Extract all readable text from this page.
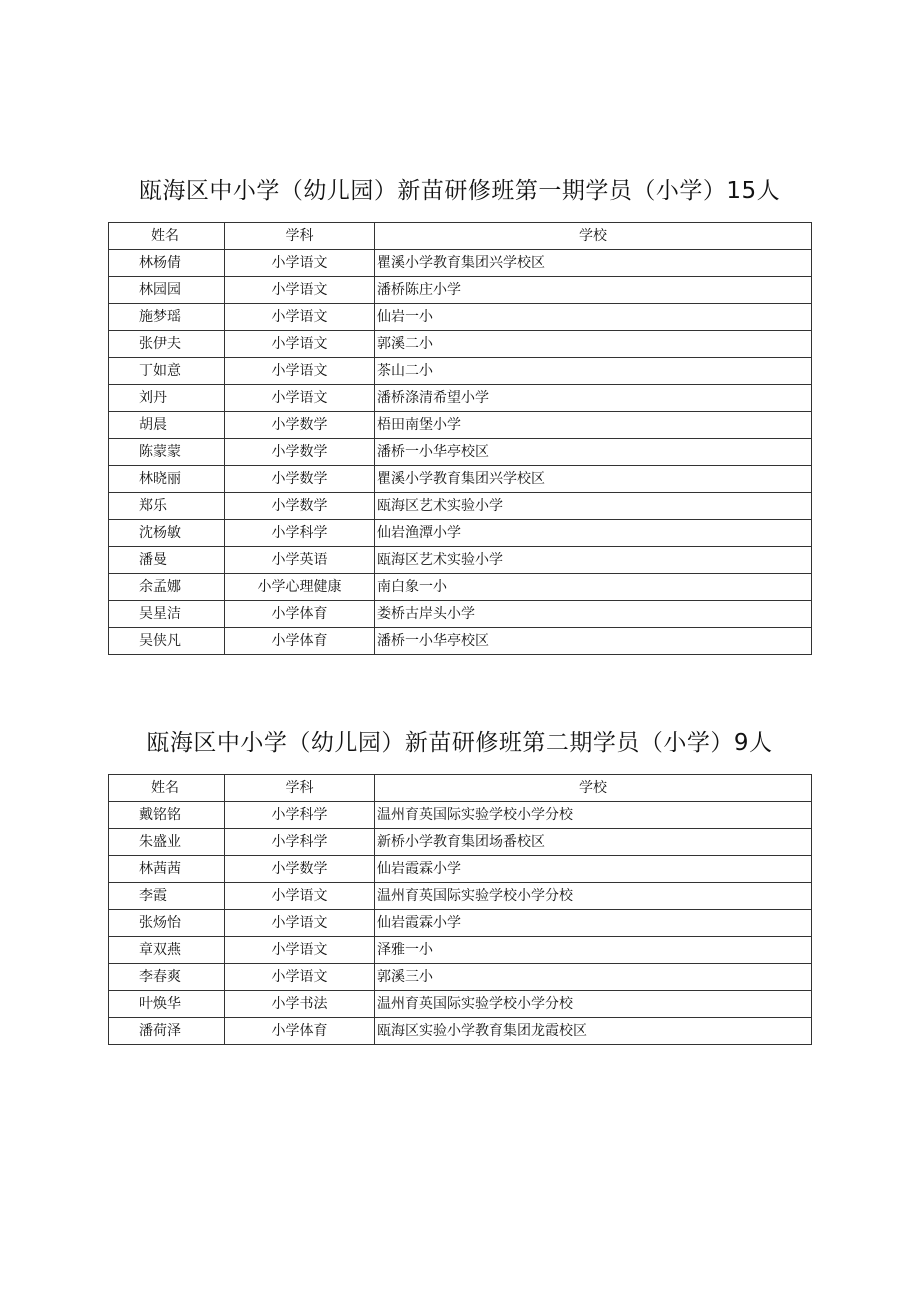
瓯海区中小学（幼儿园）新苗研修班第一期学员（小学）15人
姓名	学科	学校
林杨倩	小学语文	瞿溪小学教育集团兴学校区
林园园	小学语文	潘桥陈庄小学
施梦瑶	小学语文	仙岩一小
张伊夫	小学语文	郭溪二小
丁如意	小学语文	茶山二小
刘丹	小学语文	潘桥涤清希望小学
胡晨	小学数学	梧田南堡小学
陈蒙蒙	小学数学	潘桥一小华亭校区
林晓丽	小学数学	瞿溪小学教育集团兴学校区
郑乐	小学数学	瓯海区艺术实验小学
沈杨敏	小学科学	仙岩渔潭小学
潘曼	小学英语	瓯海区艺术实验小学
余孟娜	小学心理健康	南白象一小
吴星洁	小学体育	娄桥古岸头小学
吴侠凡	小学体育	潘桥一小华亭校区
瓯海区中小学（幼儿园）新苗研修班第二期学员（小学）9人
姓名	学科	学校
戴铭铭	小学科学	温州育英国际实验学校小学分校
朱盛业	小学科学	新桥小学教育集团场番校区
林茜茜	小学数学	仙岩霞霖小学
李霞	小学语文	温州育英国际实验学校小学分校
张炀怡	小学语文	仙岩霞霖小学
章双燕	小学语文	泽雅一小
李春爽	小学语文	郭溪三小
叶焕华	小学书法	温州育英国际实验学校小学分校
潘荷泽	小学体育	瓯海区实验小学教育集团龙霞校区
